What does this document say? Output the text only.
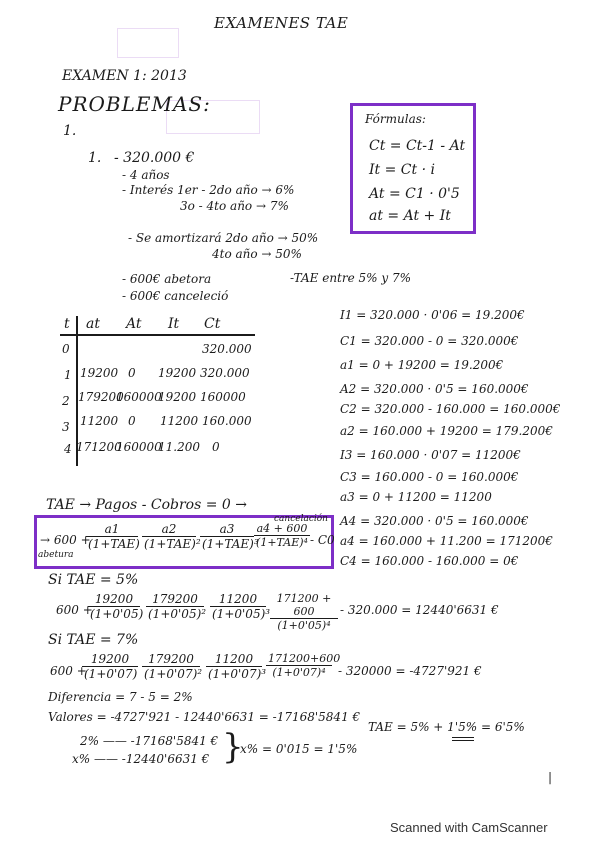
EXAMENES TAE
EXAMEN 1: 2013
PROBLEMAS:
1.
Fórmulas:
Ct = Ct-1 - At
It = Ct · i
At = C1 · 0'5
at = At + It
1. - 320.000 €
- 4 años
- Interés 1er - 2do año → 6%
3o - 4to año → 7%
- Se amortizará 2do año → 50%
4to año → 50%
- 600€ abetora
- 600€ canceleció
-TAE entre 5% y 7%
t at At It Ct
0	320.000
1 19200 0 19200 320.000
2 179200
160000
19200 160000
3 11200 0 11200 160.000
4 171200
160000
11.200 0
I1 = 320.000 · 0'06 = 19.200€
C1 = 320.000 - 0 = 320.000€
a1 = 0 + 19200 = 19.200€
A2 = 320.000 · 0'5 = 160.000€
C2 = 320.000 - 160.000 = 160.000€
a2 = 160.000 + 19200 = 179.200€
I3 = 160.000 · 0'07 = 11200€
C3 = 160.000 - 0 = 160.000€
a3 = 0 + 11200 = 11200
A4 = 320.000 · 0'5 = 160.000€
a4 = 160.000 + 11.200 = 171200€
C4 = 160.000 - 160.000 = 0€
TAE → Pagos - Cobros = 0 →
→ 600 +
abetura
cancelación
a1
(1+TAE)
a2
(1+TAE)²
a3
(1+TAE)³
a4 + 600
(1+TAE)⁴ - C0
Si TAE = 5%
600 +
$\frac{19200}{(1+0'05)} \frac{179200}{\text{(1+0'05)²}} \frac{11200}{\text{(1+0'05)³}} \frac{171200 + 600}{\text{(1+0'05)⁴}} - 320.000 = 12440'6631$ €
Si TAE = 7%
600 +
$\frac{19200}{(1+0'07)} \frac{179200}{\text{(1+0'07)²}} \frac{11200}{\text{(1+0'07)³}} \frac{171200+600}{\text{(1+0'07)⁴}} - 320000 = -4727'921$ €
Diferencia = 7 - 5 = 2%
Valores = -4727'921 - 12440'6631 = -17168'5841 €
2% —— -17168'5841 €
x% —— -12440'6631 € }
x% = 0'015 = 1'5%
TAE = 5% + 1'5% = 6'5%
|
Scanned with CamScanner
